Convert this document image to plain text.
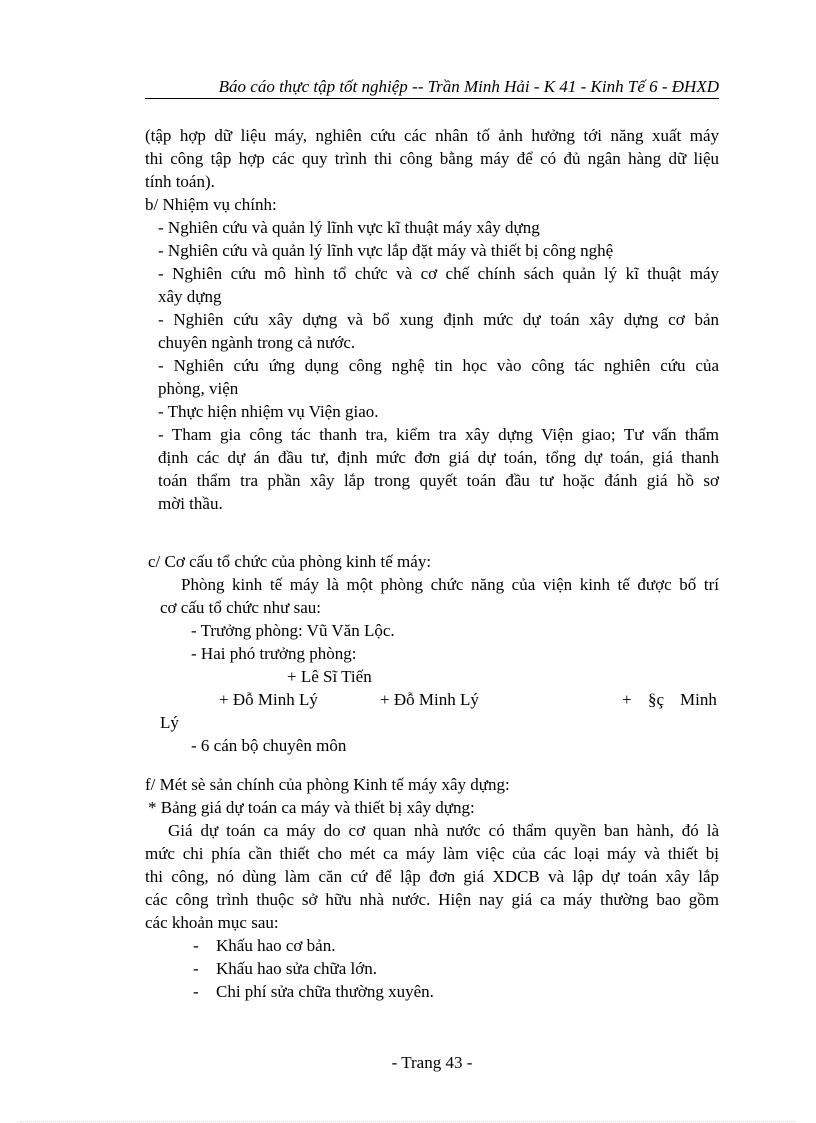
Báo cáo thực tập tốt nghiệp -- Trần Minh Hải - K 41 - Kinh Tế 6 - ĐHXD
(tập hợp dữ liệu máy, nghiên cứu các nhân tố ảnh hưởng tới năng xuất máy
thi công tập hợp các quy trình thi công bằng máy để có đủ ngân hàng dữ liệu
tính toán).
b/ Nhiệm vụ chính:
- Nghiên cứu và quản lý lĩnh vực kĩ thuật máy xây dựng
- Nghiên cứu và quản lý lĩnh vực lắp đặt máy và thiết bị công nghệ
- Nghiên cứu mô hình tổ chức và cơ chế chính sách quản lý kĩ thuật máy
xây dựng
- Nghiên cứu xây dựng và bổ xung định mức dự toán xây dựng cơ bản
chuyên ngành trong cả nước.
- Nghiên cứu ứng dụng công nghệ tin học vào công tác nghiên cứu của
phòng, viện
- Thực hiện nhiệm vụ Viện giao.
- Tham gia công tác thanh tra, kiểm tra xây dựng Viện giao; Tư vấn thẩm
định các dự án đầu tư, định mức đơn giá dự toán, tổng dự toán, giá thanh
toán thẩm tra phần xây lắp trong quyết toán đầu tư hoặc đánh giá hồ sơ
mời thầu.
c/ Cơ cấu tổ chức của phòng kinh tế máy:
Phòng kinh tế máy là một phòng chức năng của viện kinh tế được bố trí
cơ cấu tổ chức như sau:
- Trưởng phòng: Vũ Văn Lộc.
- Hai phó trưởng phòng:
+ Lê Sĩ Tiến
+ Đỗ Minh Lý	+ Đỗ Minh Lý	+ §ç Minh
Lý
- 6 cán bộ chuyên môn
f/ Mét sè sản chính của phòng Kinh tế máy xây dựng:
* Bảng giá dự toán ca máy và thiết bị xây dựng:
Giá dự toán ca máy do cơ quan nhà nước có thẩm quyền ban hành, đó là
mức chi phía cần thiết cho mét ca máy làm việc của các loại máy và thiết bị
thi công, nó dùng làm căn cứ để lập đơn giá XDCB và lập dự toán xây lắp
các công trình thuộc sở hữu nhà nước. Hiện nay giá ca máy thường bao gồm
các khoản mục sau:
- Khấu hao cơ bản.
- Khấu hao sửa chữa lớn.
- Chi phí sửa chữa thường xuyên.
- Trang 43 -
